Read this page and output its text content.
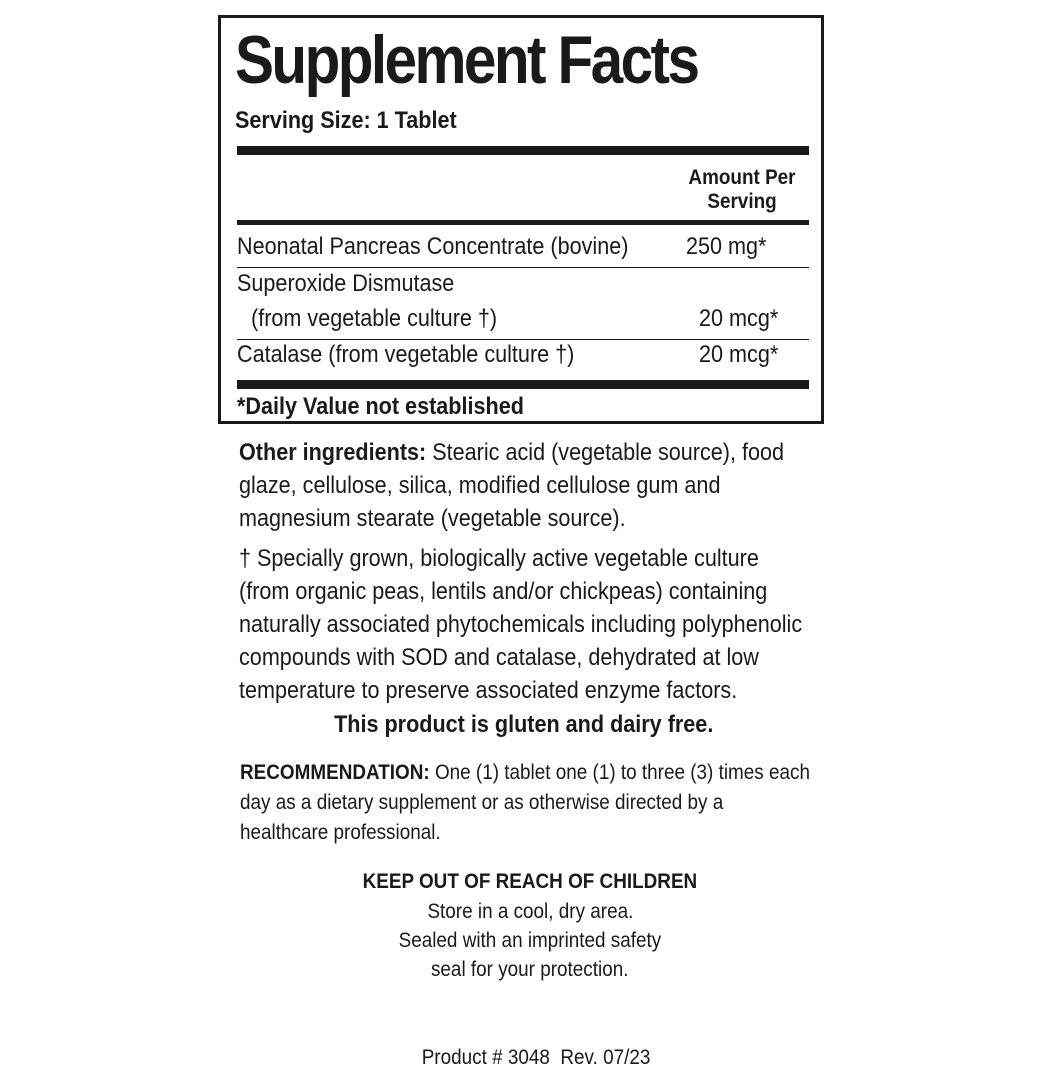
Supplement Facts
Serving Size: 1 Tablet
Amount Per
Serving
Neonatal Pancreas Concentrate (bovine) 250 mg*
Superoxide Dismutase
(from vegetable culture †)	20 mcg*
Catalase (from vegetable culture †)	20 mcg*
*Daily Value not established
Other ingredients: Stearic acid (vegetable source), food glaze, cellulose, silica, modified cellulose gum and magnesium stearate (vegetable source).
† Specially grown, biologically active vegetable culture (from organic peas, lentils and/or chickpeas) containing naturally associated phytochemicals including polyphenolic compounds with SOD and catalase, dehydrated at low temperature to preserve associated enzyme factors.
This product is gluten and dairy free.
RECOMMENDATION: One (1) tablet one (1) to three (3) times each day as a dietary supplement or as otherwise directed by a healthcare professional.
KEEP OUT OF REACH OF CHILDREN
Store in a cool, dry area.
Sealed with an imprinted safety
seal for your protection.

Product # 3048  Rev. 07/23
